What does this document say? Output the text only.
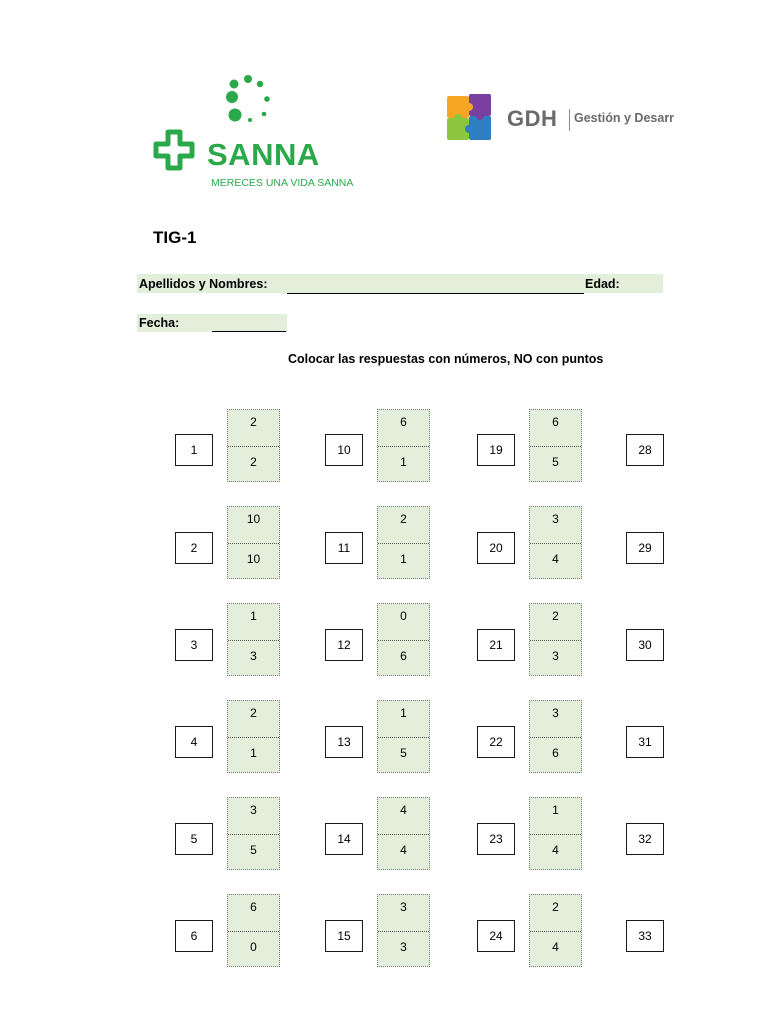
SANNA
MERECES UNA VIDA SANNA
GDH Gestión y Desarr
TIG-1
Apellidos y Nombres:	Edad:
Fecha:
Colocar las respuestas con números, NO con puntos
1
2
2
2
10
10
3
1
3
4
2
1
5
3
5
6
6
0
10
6
1
11
2
1
12
0
6
13
1
5
14
4
4
15
3
3
19
6
5
20
3
4
21
2
3
22
3
6
23
1
4
24
2
4
28
29
30
31
32
33
